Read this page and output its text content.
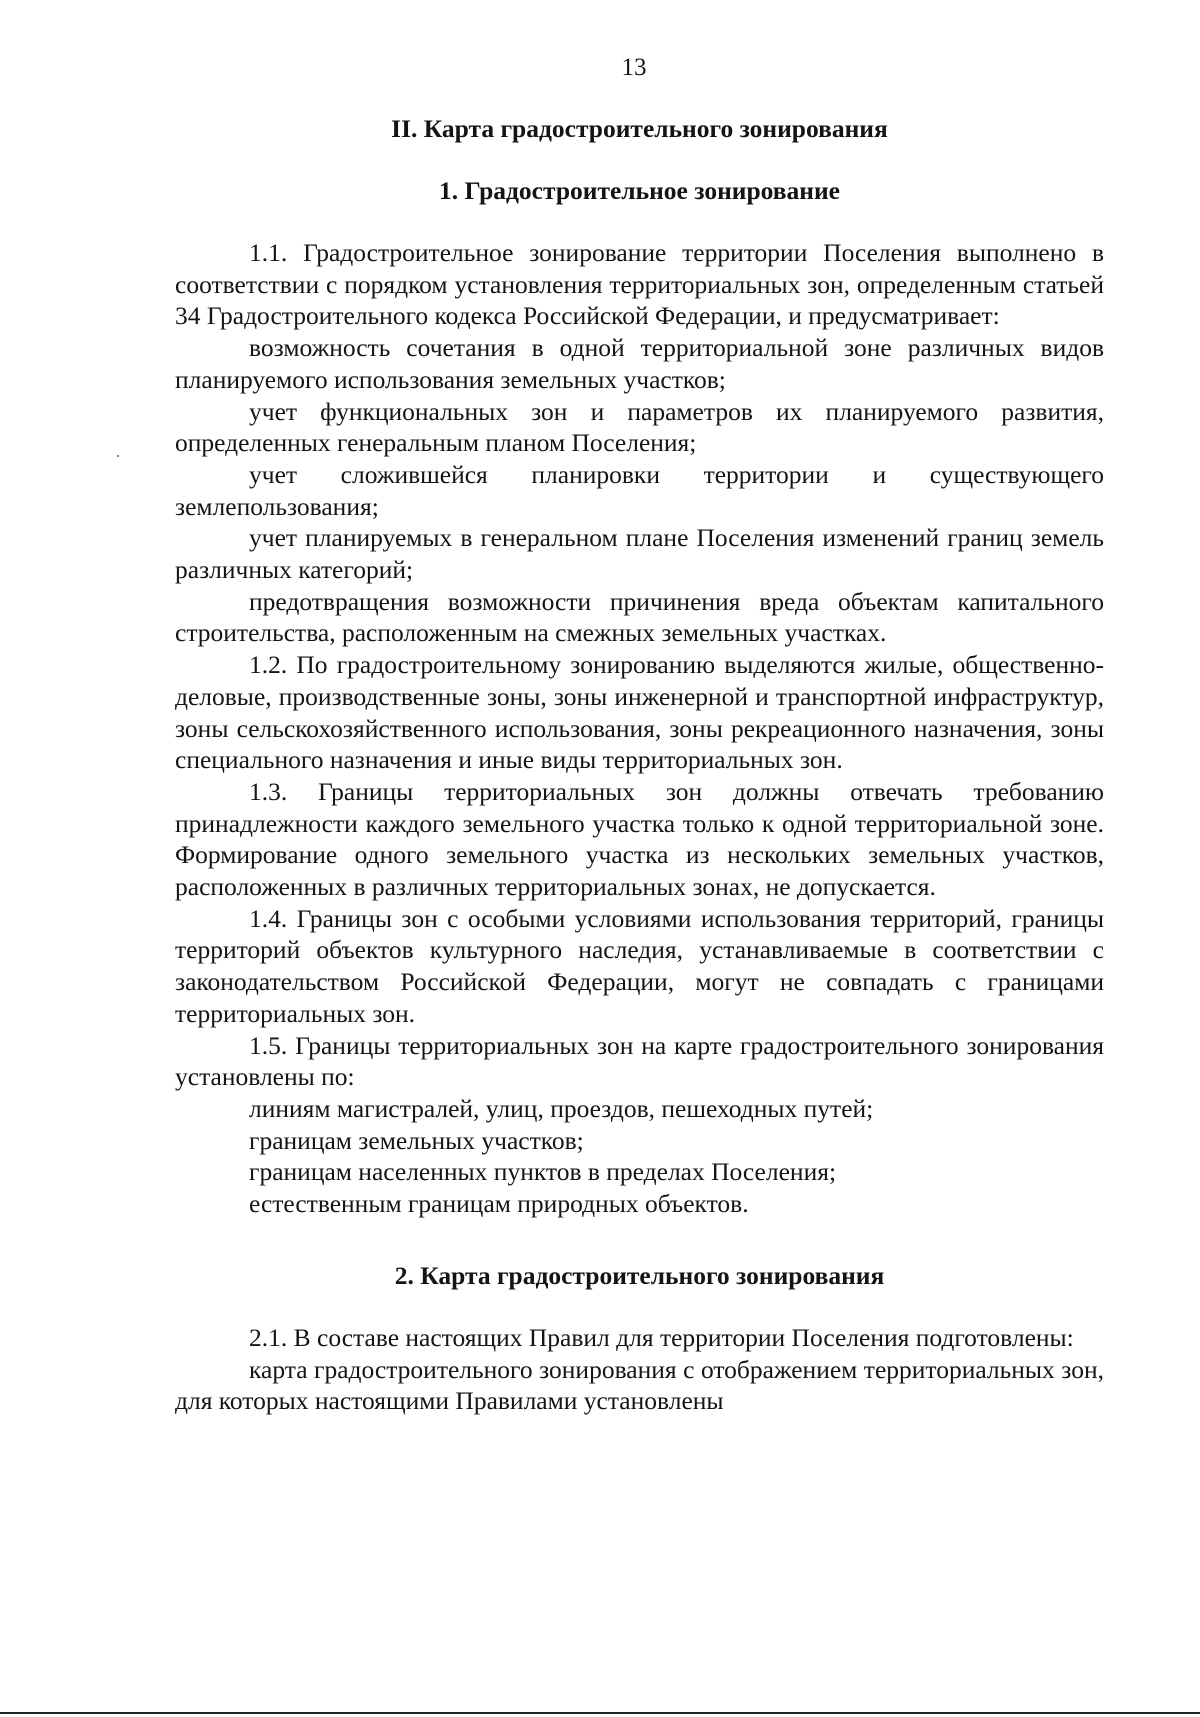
13
II. Карта градостроительного зонирования
1. Градостроительное зонирование

1.1. Градостроительное зонирование территории Поселения выполнено в соответствии с порядком установления территориальных зон, определенным статьей 34 Градостроительного кодекса Российской Федерации, и предусматривает:

возможность сочетания в одной территориальной зоне различных видов планируемого использования земельных участков;

учет функциональных зон и параметров их планируемого развития, определенных генеральным планом Поселения;

учет сложившейся планировки территории и существующего землепользования;

учет планируемых в генеральном плане Поселения изменений границ земель различных категорий;

предотвращения возможности причинения вреда объектам капитального строительства, расположенным на смежных земельных участках.

1.2. По градостроительному зонированию выделяются жилые, общественно-деловые, производственные зоны, зоны инженерной и транспортной инфраструктур, зоны сельскохозяйственного использования, зоны рекреационного назначения, зоны специального назначения и иные виды территориальных зон.

1.3. Границы территориальных зон должны отвечать требованию принадлежности каждого земельного участка только к одной территориальной зоне. Формирование одного земельного участка из нескольких земельных участков, расположенных в различных территориальных зонах, не допускается.

1.4. Границы зон с особыми условиями использования территорий, границы территорий объектов культурного наследия, устанавливаемые в соответствии с законодательством Российской Федерации, могут не совпадать с границами территориальных зон.

1.5. Границы территориальных зон на карте градостроительного зонирования установлены по:

линиям магистралей, улиц, проездов, пешеходных путей;

границам земельных участков;

границам населенных пунктов в пределах Поселения;

естественным границам природных объектов.

2. Карта градостроительного зонирования

2.1. В составе настоящих Правил для территории Поселения подготовлены:

карта градостроительного зонирования с отображением территориальных зон, для которых настоящими Правилами установлены
